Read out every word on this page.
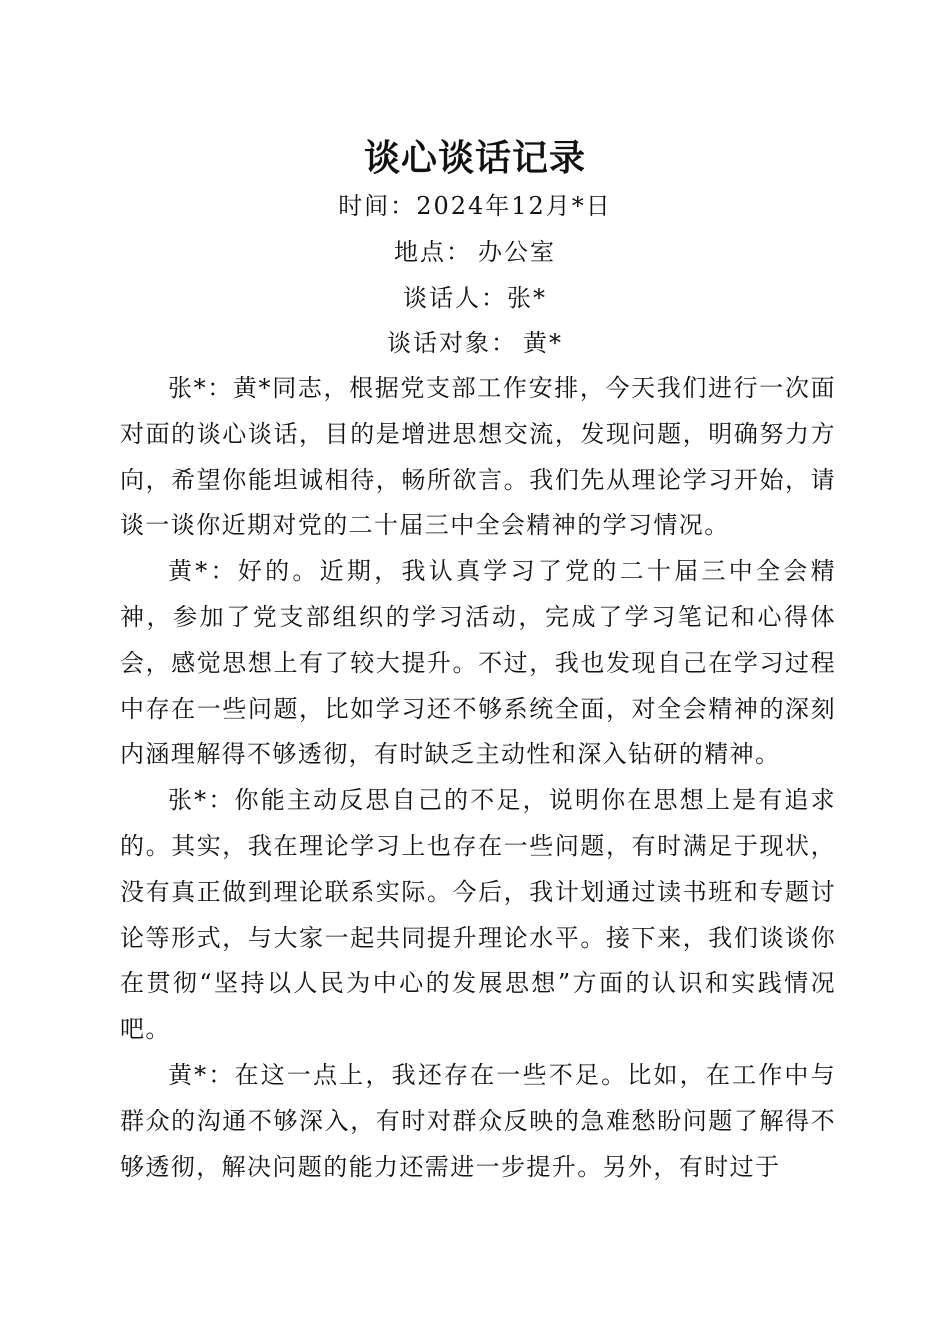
谈心谈话记录
时间：2024年12月*日
地点： 办公室
谈话人：张*
谈话对象： 黄*

张*：黄*同志，根据党支部工作安排，今天我们进行一次面对面的谈心谈话，目的是增进思想交流，发现问题，明确努力方向，希望你能坦诚相待，畅所欲言。我们先从理论学习开始，请谈一谈你近期对党的二十届三中全会精神的学习情况。

黄*：好的。近期，我认真学习了党的二十届三中全会精神，参加了党支部组织的学习活动，完成了学习笔记和心得体会，感觉思想上有了较大提升。不过，我也发现自己在学习过程中存在一些问题，比如学习还不够系统全面，对全会精神的深刻内涵理解得不够透彻，有时缺乏主动性和深入钻研的精神。

张*：你能主动反思自己的不足，说明你在思想上是有追求的。其实，我在理论学习上也存在一些问题，有时满足于现状，没有真正做到理论联系实际。今后，我计划通过读书班和专题讨论等形式，与大家一起共同提升理论水平。接下来，我们谈谈你在贯彻“坚持以人民为中心的发展思想”方面的认识和实践情况吧。

黄*：在这一点上，我还存在一些不足。比如，在工作中与群众的沟通不够深入，有时对群众反映的急难愁盼问题了解得不够透彻，解决问题的能力还需进一步提升。另外，有时过于
